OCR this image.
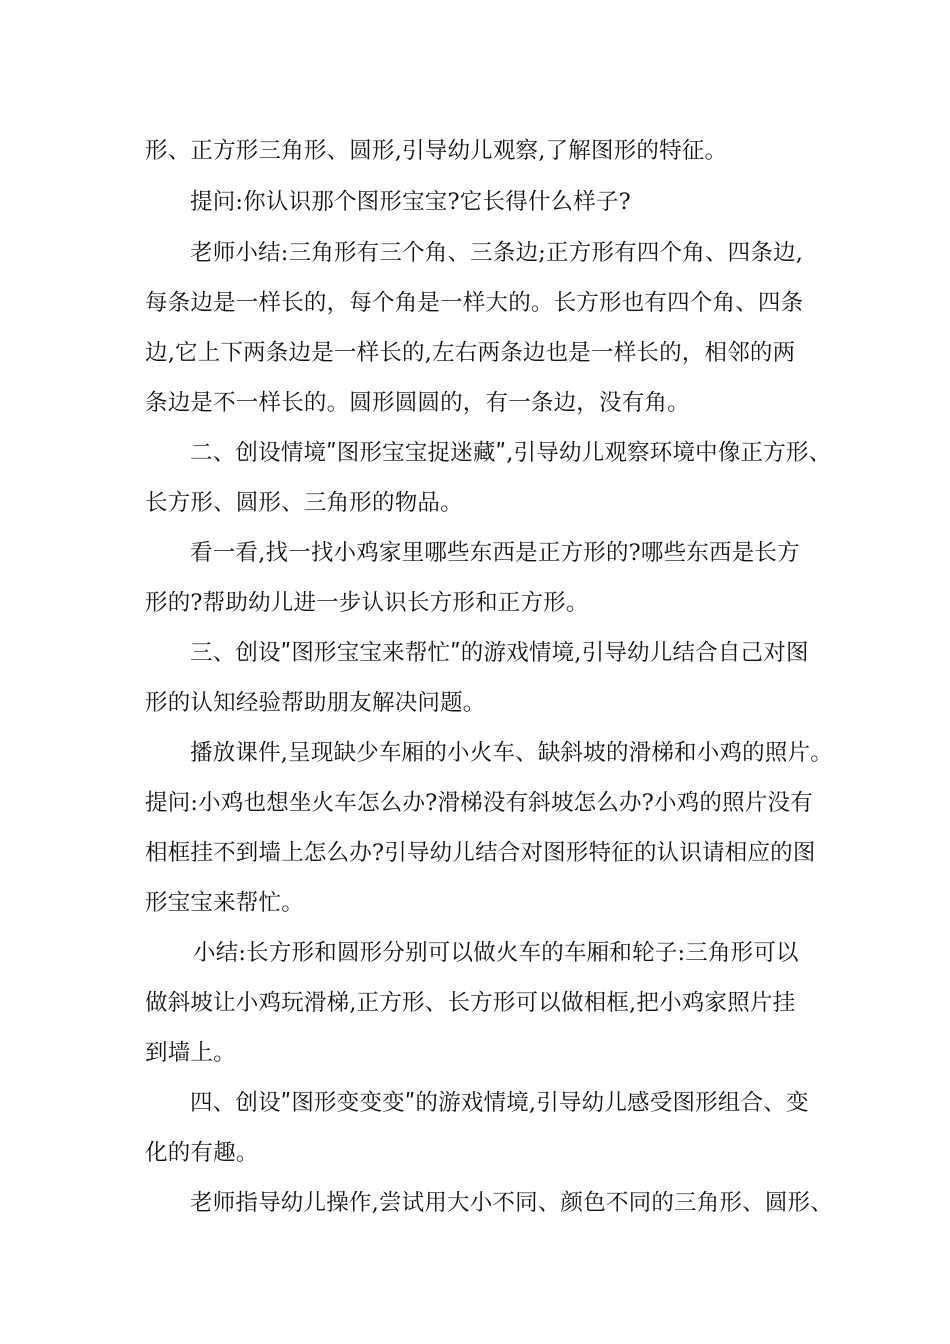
形、正方形三角形、圆形,引导幼儿观察,了解图形的特征。
提问:你认识那个图形宝宝?它长得什么样子?
老师小结:三角形有三个角、三条边;正方形有四个角、四条边,
每条边是一样长的，每个角是一样大的。长方形也有四个角、四条
边,它上下两条边是一样长的,左右两条边也是一样长的，相邻的两
条边是不一样长的。圆形圆圆的，有一条边，没有角。
二、创设情境ʺ图形宝宝捉迷藏ʺ,引导幼儿观察环境中像正方形、
长方形、圆形、三角形的物品。
看一看,找一找小鸡家里哪些东西是正方形的?哪些东西是长方
形的?帮助幼儿进一步认识长方形和正方形。
三、创设ʺ图形宝宝来帮忙ʺ的游戏情境,引导幼儿结合自己对图
形的认知经验帮助朋友解决问题。
播放课件,呈现缺少车厢的小火车、缺斜坡的滑梯和小鸡的照片。
提问:小鸡也想坐火车怎么办?滑梯没有斜坡怎么办?小鸡的照片没有
相框挂不到墙上怎么办?引导幼儿结合对图形特征的认识请相应的图
形宝宝来帮忙。
小结:长方形和圆形分别可以做火车的车厢和轮子:三角形可以
做斜坡让小鸡玩滑梯,正方形、长方形可以做相框,把小鸡家照片挂
到墙上。
四、创设ʺ图形变变变ʺ的游戏情境,引导幼儿感受图形组合、变
化的有趣。
老师指导幼儿操作,尝试用大小不同、颜色不同的三角形、圆形、
